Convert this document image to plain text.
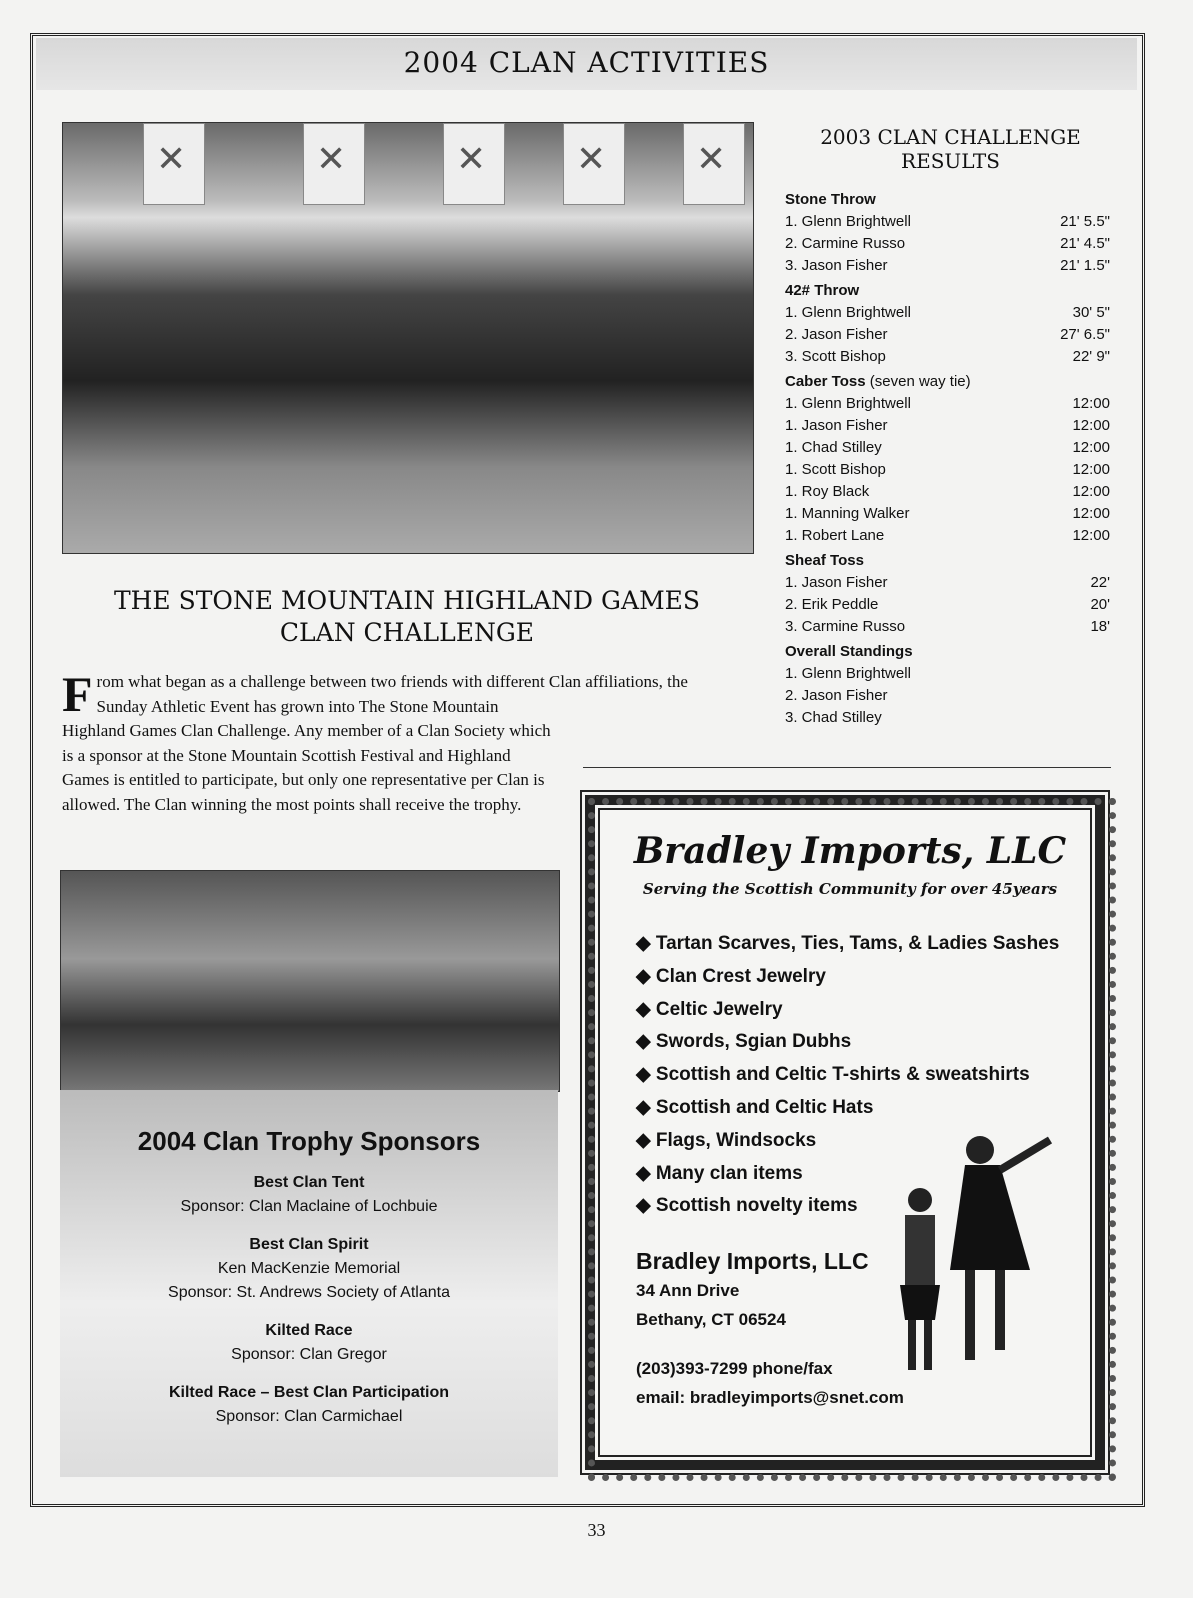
2004 CLAN ACTIVITIES
✕
✕
✕
✕
✕
2003 CLAN CHALLENGE
RESULTS
Stone Throw
1. Glenn Brightwell	21' 5.5"
2. Carmine Russo	21' 4.5"
3. Jason Fisher	21' 1.5"
42# Throw
1. Glenn Brightwell	30' 5"
2. Jason Fisher	27' 6.5"
3. Scott Bishop	22' 9"
Caber Toss (seven way tie)
1. Glenn Brightwell	12:00
1. Jason Fisher	12:00
1. Chad Stilley	12:00
1. Scott Bishop	12:00
1. Roy Black	12:00
1. Manning Walker	12:00
1. Robert Lane	12:00
Sheaf Toss
1. Jason Fisher	22'
2. Erik Peddle	20'
3. Carmine Russo	18'
Overall Standings
1. Glenn Brightwell
2. Jason Fisher
3. Chad Stilley
THE STONE MOUNTAIN HIGHLAND GAMES
CLAN CHALLENGE
From what began as a challenge between two friends with different Clan affiliations, the Sunday Athletic Event has grown into The Stone Mountain
Highland Games Clan Challenge. Any member of a Clan Society which is a sponsor at the Stone Mountain Scottish Festival and Highland Games is entitled to participate, but only one representative per Clan is allowed. The Clan winning the most points shall receive the trophy.
2004 Clan Trophy Sponsors
Best Clan Tent
Sponsor: Clan Maclaine of Lochbuie
Best Clan Spirit
Ken MacKenzie Memorial
Sponsor: St. Andrews Society of Atlanta
Kilted Race
Sponsor: Clan Gregor
Kilted Race – Best Clan Participation
Sponsor: Clan Carmichael
Bradley Imports, LLC
Serving the Scottish Community for over 45years
◆ Tartan Scarves, Ties, Tams, & Ladies Sashes
◆ Clan Crest Jewelry
◆ Celtic Jewelry
◆ Swords, Sgian Dubhs
◆ Scottish and Celtic T-shirts & sweatshirts
◆ Scottish and Celtic Hats
◆ Flags, Windsocks
◆ Many clan items
◆ Scottish novelty items
Bradley Imports, LLC
34 Ann Drive
Bethany, CT 06524
(203)393-7299 phone/fax
email: bradleyimports@snet.com
33
